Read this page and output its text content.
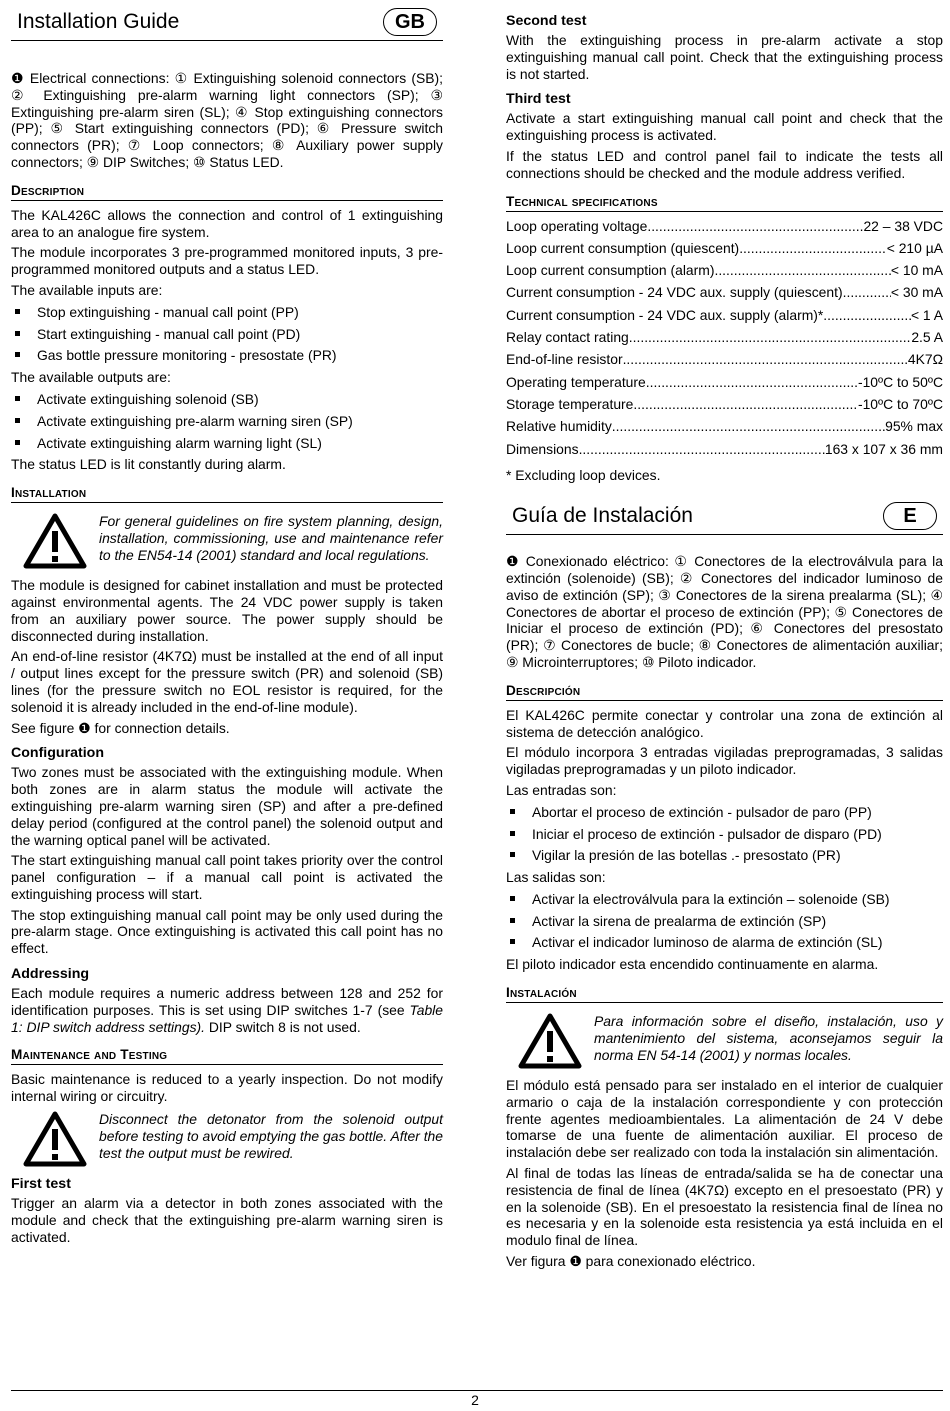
Installation Guide	GB

❶ Electrical connections: ① Extinguishing solenoid connectors (SB); ② Extinguishing pre-alarm warning light connectors (SP); ③ Extinguishing pre-alarm siren (SL); ④ Stop extinguishing connectors (PP); ⑤ Start extinguishing connectors (PD); ⑥ Pressure switch connectors (PR); ⑦ Loop connectors; ⑧ Auxiliary power supply connectors; ⑨ DIP Switches; ⑩ Status LED.

Description

The KAL426C allows the connection and control of 1 extinguishing area to an analogue fire system.

The module incorporates 3 pre-programmed monitored inputs, 3 pre-programmed monitored outputs and a status LED.

The available inputs are:

Stop extinguishing - manual call point (PP)
Start extinguishing - manual call point (PD)
Gas bottle pressure monitoring - presostate (PR)

The available outputs are:

Activate extinguishing solenoid (SB)
Activate extinguishing pre-alarm warning siren (SP)
Activate extinguishing alarm warning light (SL)

The status LED is lit constantly during alarm.

Installation

For general guidelines on fire system planning, design, installation, commissioning, use and maintenance refer to the EN54-14 (2001) standard and local regulations.

The module is designed for cabinet installation and must be protected against environmental agents. The 24 VDC power supply is taken from an auxiliary power source. The power supply should be disconnected during installation.

An end-of-line resistor (4K7Ω) must be installed at the end of all input / output lines except for the pressure switch (PR) and solenoid (SB) lines (for the pressure switch no EOL resistor is required, for the solenoid it is already included in the end-of-line module).

See figure ❶ for connection details.

Configuration

Two zones must be associated with the extinguishing module. When both zones are in alarm status the module will activate the extinguishing pre-alarm warning siren (SP) and after a pre-defined delay period (configured at the control panel) the solenoid output and the warning optical panel will be activated.

The start extinguishing manual call point takes priority over the control panel configuration – if a manual call point is activated the extinguishing process will start.

The stop extinguishing manual call point may be only used during the pre-alarm stage. Once extinguishing is activated this call point has no effect.

Addressing

Each module requires a numeric address between 128 and 252 for identification purposes. This is set using DIP switches 1-7 (see Table 1: DIP switch address settings). DIP switch 8 is not used.

Maintenance and Testing

Basic maintenance is reduced to a yearly inspection. Do not modify internal wiring or circuitry.

Disconnect the detonator from the solenoid output before testing to avoid emptying the gas bottle. After the test the output must be rewired.

First test

Trigger an alarm via a detector in both zones associated with the module and check that the extinguishing pre-alarm warning siren is activated.

Second test

With the extinguishing process in pre-alarm activate a stop extinguishing manual call point. Check that the extinguishing process is not started.

Third test

Activate a start extinguishing manual call point and check that the extinguishing process is activated.

If the status LED and control panel fail to indicate the tests all connections should be checked and the module address verified.

Technical specifications
Loop operating voltage .....	22 – 38 VDC
Loop current consumption (quiescent) .....	< 210 µA
Loop current consumption (alarm) .....	< 10 mA
Current consumption - 24 VDC aux. supply (quiescent) .....	< 30 mA
Current consumption - 24 VDC aux. supply (alarm)* .....	< 1 A
Relay contact rating .....	2.5 A
End-of-line resistor .....	4K7Ω
Operating temperature .....	-10ºC to 50ºC
Storage temperature .....	-10ºC to 70ºC
Relative humidity .....	95% max
Dimensions .....	163 x 107 x 36 mm

* Excluding loop devices.

Guía de Instalación	E

❶ Conexionado eléctrico: ① Conectores de la electroválvula para la extinción (solenoide) (SB); ② Conectores del indicador luminoso de aviso de extinción (SP); ③ Conectores de la sirena prealarma (SL); ④ Conectores de abortar el proceso de extinción (PP); ⑤ Conectores de Iniciar el proceso de extinción (PD); ⑥ Conectores del presostato (PR); ⑦ Conectores de bucle; ⑧ Conectores de alimentación auxiliar; ⑨ Microinterruptores; ⑩ Piloto indicador.

Descripción

El KAL426C permite conectar y controlar una zona de extinción al sistema de detección analógico.

El módulo incorpora 3 entradas vigiladas preprogramadas, 3 salidas vigiladas preprogramadas y un piloto indicador.

Las entradas son:

Abortar el proceso de extinción - pulsador de paro (PP)
Iniciar el proceso de extinción - pulsador de disparo (PD)
Vigilar la presión de las botellas .- presostato (PR)

Las salidas son:

Activar la electroválvula para la extinción – solenoide (SB)
Activar la sirena de prealarma de extinción (SP)
Activar el indicador luminoso de alarma de extinción (SL)

El piloto indicador esta encendido continuamente en alarma.

Instalación

Para información sobre el diseño, instalación, uso y mantenimiento del sistema, aconsejamos seguir la norma EN 54-14 (2001) y normas locales.

El módulo está pensado para ser instalado en el interior de cualquier armario o caja de la instalación correspondiente y con protección frente agentes medioambientales. La alimentación de 24 V debe tomarse de una fuente de alimentación auxiliar. El proceso de instalación debe ser realizado con toda la instalación sin alimentación.

Al final de todas las líneas de entrada/salida se ha de conectar una resistencia de final de línea (4K7Ω) excepto en el presoestato (PR) y en la solenoide (SB). En el presoestato la resistencia final de línea no es necesaria y en la solenoide esta resistencia ya está incluida en el modulo final de línea.

Ver figura ❶ para conexionado eléctrico.

2
